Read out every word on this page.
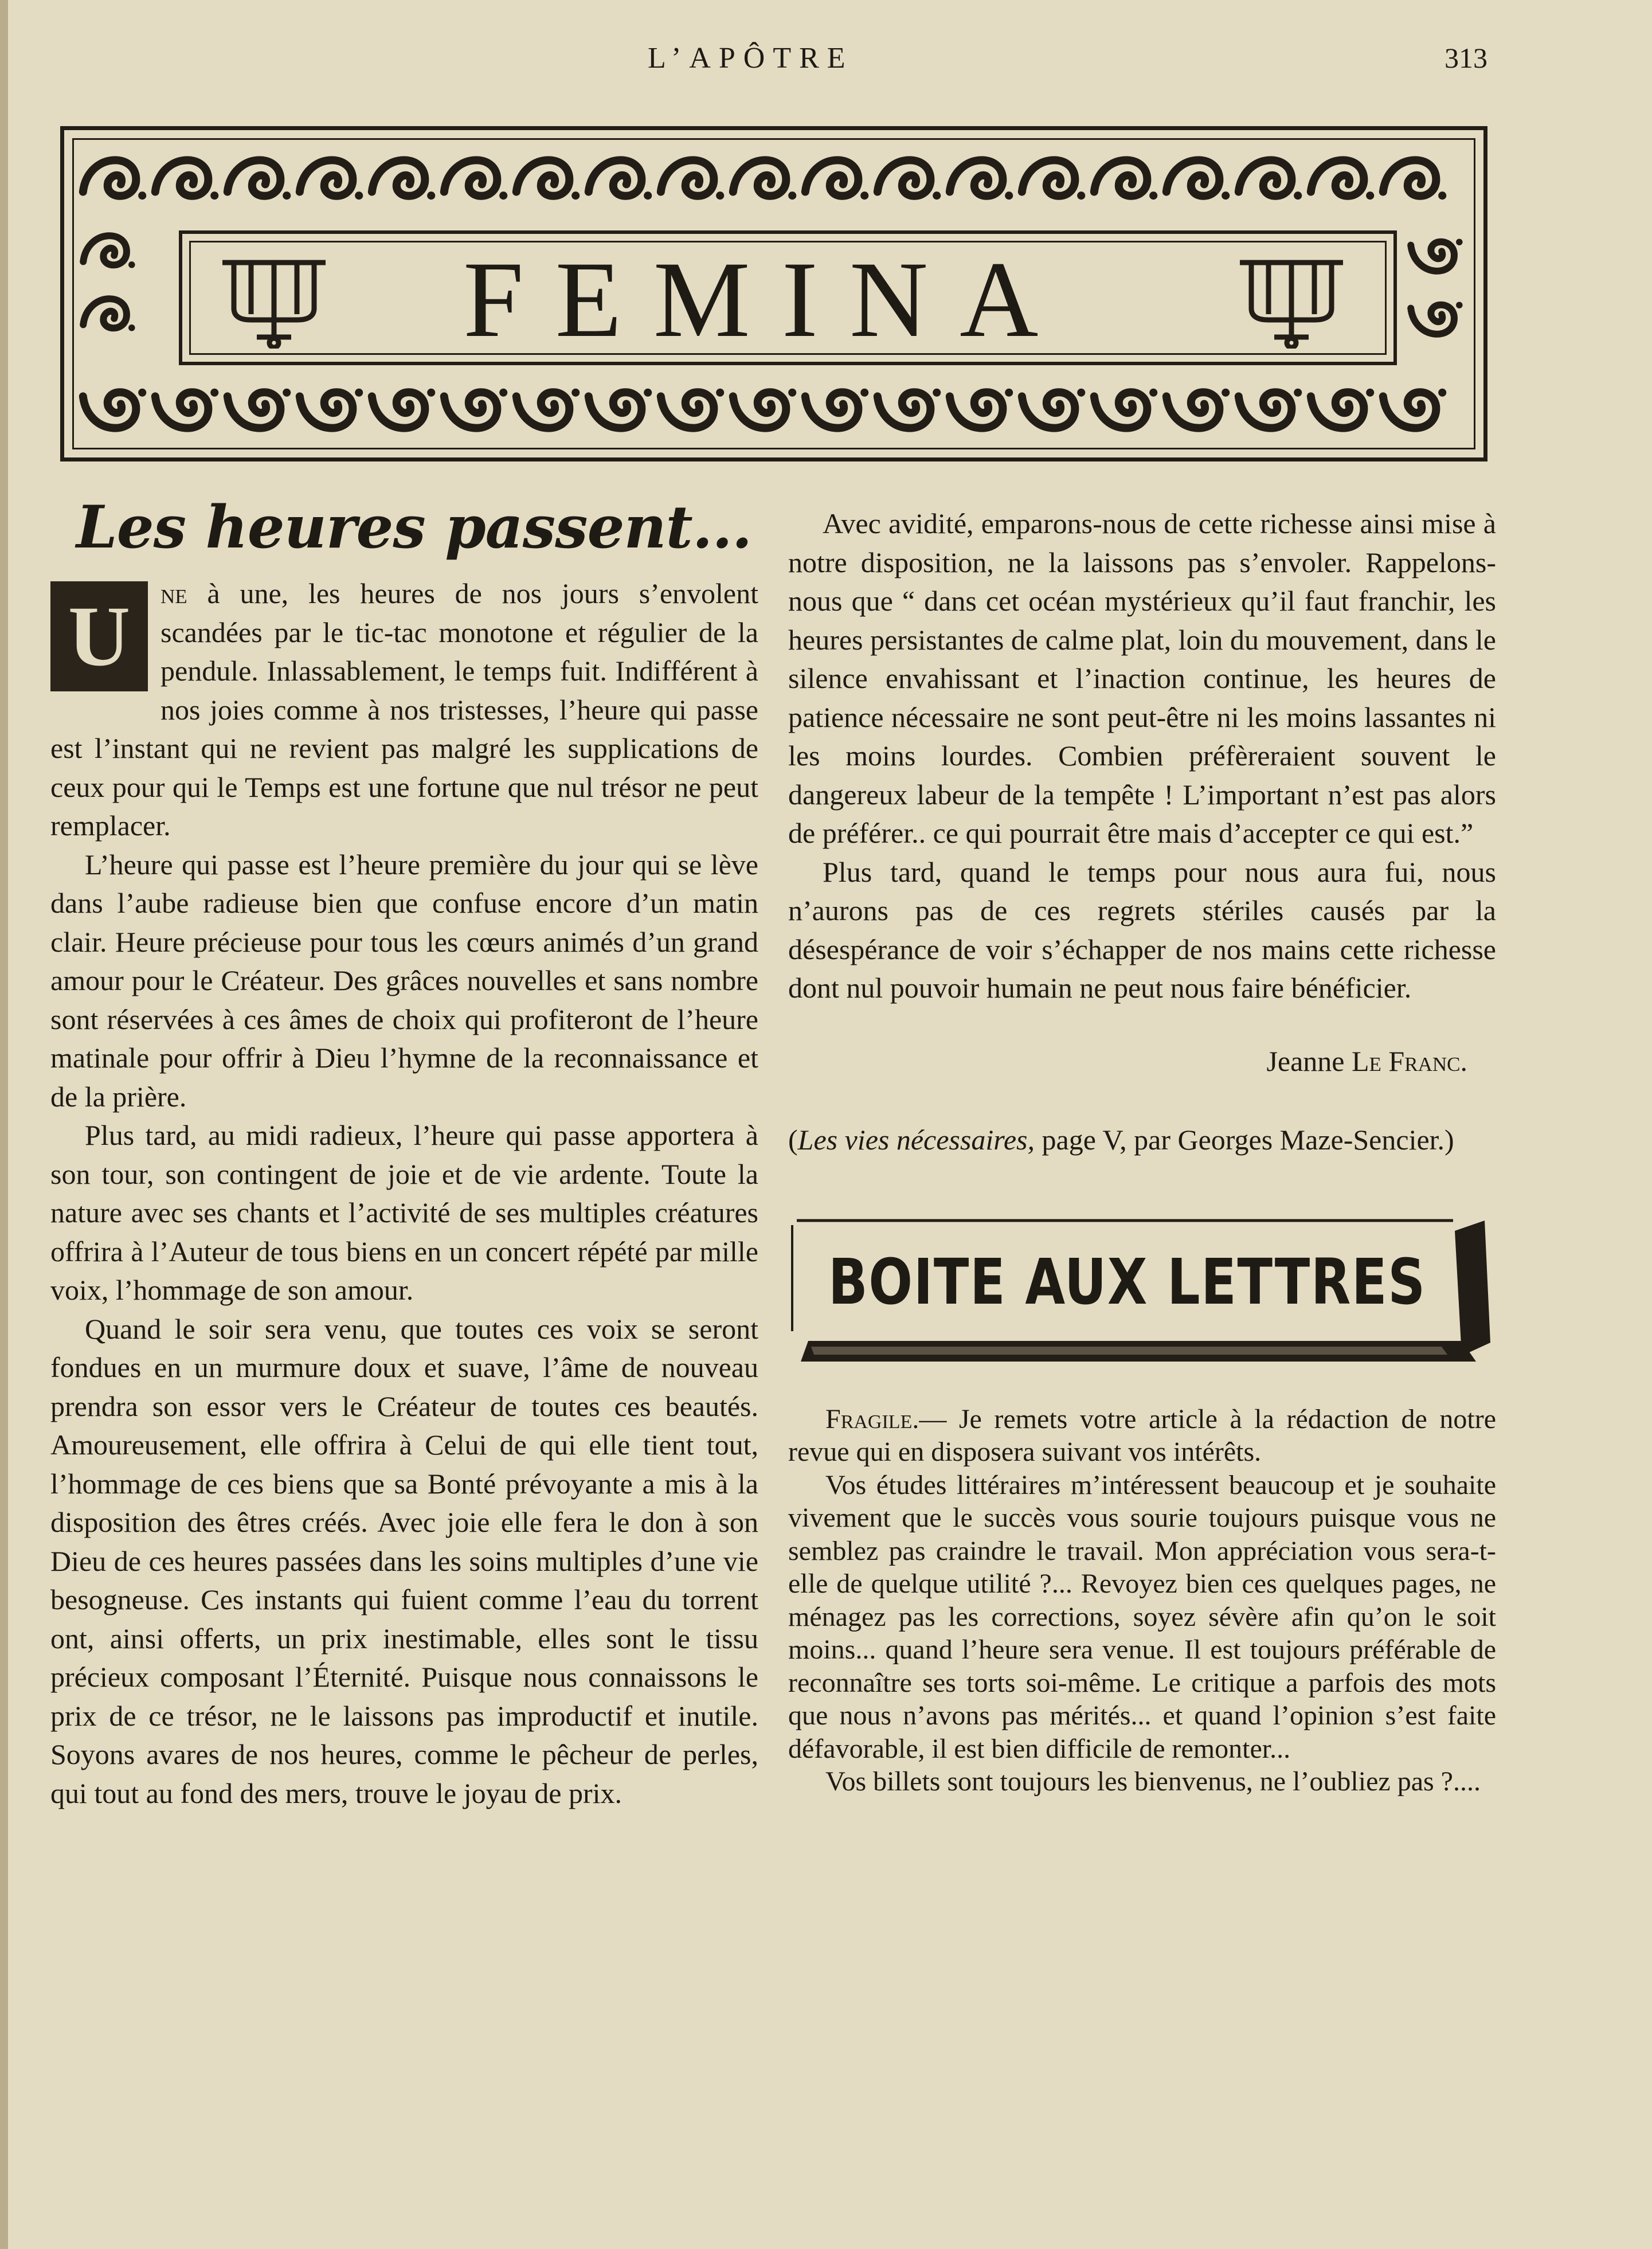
L’APÔTRE	313
FEMINA
Les heures passent...

U	ne à une, les heures de nos jours s’envolent scandées par le tic-tac monotone et régulier de la pendule. Inlassablement, le temps fuit. Indifférent à nos joies comme à nos tristesses, l’heure qui passe est l’instant qui ne revient pas malgré les supplications de ceux pour qui le Temps est une fortune que nul trésor ne peut remplacer.

L’heure qui passe est l’heure première du jour qui se lève dans l’aube radieuse bien que confuse encore d’un matin clair. Heure précieuse pour tous les cœurs animés d’un grand amour pour le Créateur. Des grâces nouvelles et sans nombre sont réservées à ces âmes de choix qui profiteront de l’heure matinale pour offrir à Dieu l’hymne de la reconnaissance et de la prière.

Plus tard, au midi radieux, l’heure qui passe apportera à son tour, son contingent de joie et de vie ardente. Toute la nature avec ses chants et l’activité de ses multiples créatures offrira à l’Auteur de tous biens en un concert répété par mille voix, l’hommage de son amour.

Quand le soir sera venu, que toutes ces voix se seront fondues en un murmure doux et suave, l’âme de nouveau prendra son essor vers le Créateur de toutes ces beautés. Amoureusement, elle offrira à Celui de qui elle tient tout, l’hommage de ces biens que sa Bonté prévoyante a mis à la disposition des êtres créés. Avec joie elle fera le don à son Dieu de ces heures passées dans les soins multiples d’une vie besogneuse. Ces instants qui fuient comme l’eau du torrent ont, ainsi offerts, un prix inestimable, elles sont le tissu précieux composant l’Éternité. Puisque nous connaissons le prix de ce trésor, ne le laissons pas improductif et inutile. Soyons avares de nos heures, comme le pêcheur de perles, qui tout au fond des mers, trouve le joyau de prix.

Avec avidité, emparons-nous de cette richesse ainsi mise à notre disposition, ne la laissons pas s’envoler. Rappelons-nous que “ dans cet océan mystérieux qu’il faut franchir, les heures persistantes de calme plat, loin du mouvement, dans le silence envahissant et l’inaction continue, les heures de patience nécessaire ne sont peut-être ni les moins lassantes ni les moins lourdes. Combien préfèreraient souvent le dangereux labeur de la tempête ! L’important n’est pas alors de préférer.. ce qui pourrait être mais d’accepter ce qui est.”

Plus tard, quand le temps pour nous aura fui, nous n’aurons pas de ces regrets stériles causés par la désespérance de voir s’échapper de nos mains cette richesse dont nul pouvoir humain ne peut nous faire bénéficier.

Jeanne Le Franc.

(Les vies nécessaires, page V, par Georges Maze-Sencier.)

BOITE AUX LETTRES

Fragile.— Je remets votre article à la rédaction de notre revue qui en disposera suivant vos intérêts.

Vos études littéraires m’intéressent beaucoup et je souhaite vivement que le succès vous sourie toujours puisque vous ne semblez pas craindre le travail. Mon appréciation vous sera-t-elle de quelque utilité ?... Revoyez bien ces quelques pages, ne ménagez pas les corrections, soyez sévère afin qu’on le soit moins... quand l’heure sera venue. Il est toujours préférable de reconnaître ses torts soi-même. Le critique a parfois des mots que nous n’avons pas mérités... et quand l’opinion s’est faite défavorable, il est bien difficile de remonter...

Vos billets sont toujours les bienvenus, ne l’oubliez pas ?....
